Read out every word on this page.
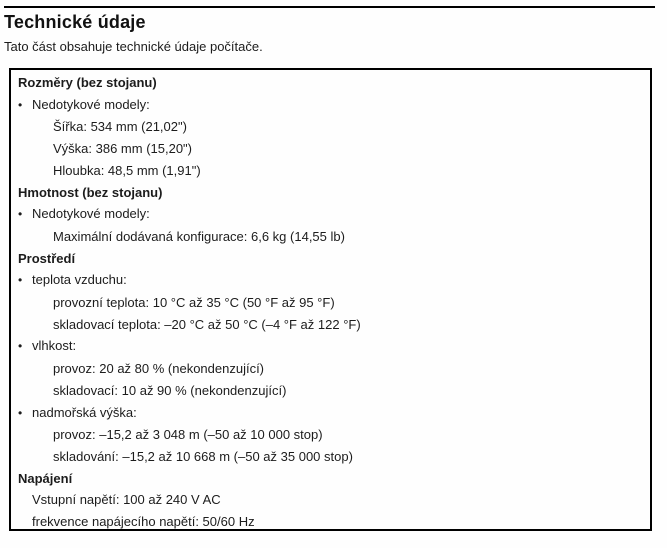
Technické údaje
Tato část obsahuje technické údaje počítače.
Rozměry (bez stojanu)
• Nedotykové modely:
Šířka: 534 mm (21,02")
Výška: 386 mm (15,20")
Hloubka: 48,5 mm (1,91")
Hmotnost (bez stojanu)
• Nedotykové modely:
Maximální dodávaná konfigurace: 6,6 kg (14,55 lb)
Prostředí
• teplota vzduchu:
provozní teplota: 10 °C až 35 °C (50 °F až 95 °F)
skladovací teplota: –20 °C až 50 °C (–4 °F až 122 °F)
• vlhkost:
provoz: 20 až 80 % (nekondenzující)
skladovací: 10 až 90 % (nekondenzující)
• nadmořská výška:
provoz: –15,2 až 3 048 m (–50 až 10 000 stop)
skladování: –15,2 až 10 668 m (–50 až 35 000 stop)
Napájení
Vstupní napětí: 100 až 240 V AC
frekvence napájecího napětí: 50/60 Hz
